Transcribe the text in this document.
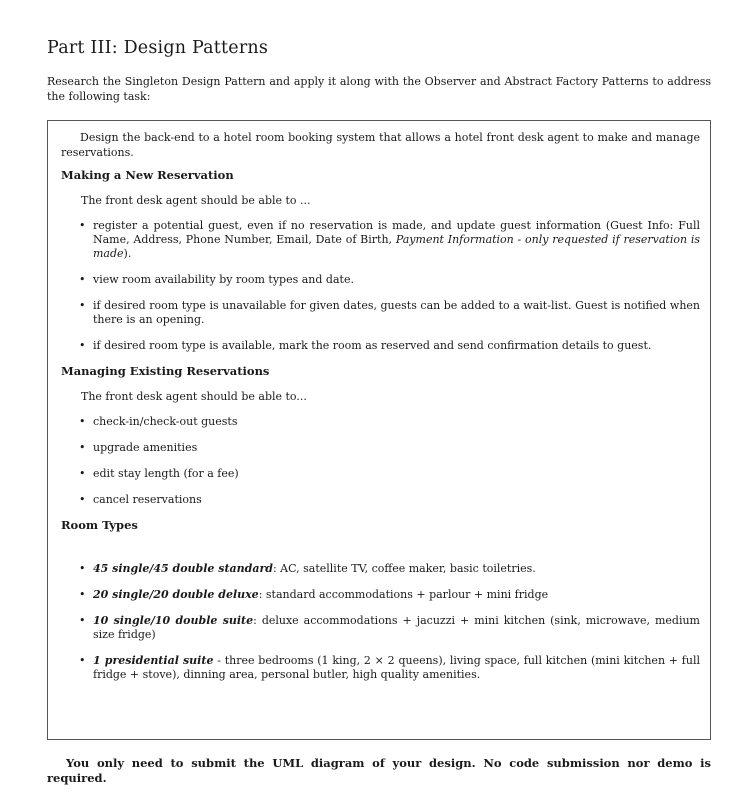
Part III: Design Patterns

Research the Singleton Design Pattern and apply it along with the Observer and Abstract Factory Patterns to address the following task:

Design the back-end to a hotel room booking system that allows a hotel front desk agent to make and manage reservations.

Making a New Reservation

The front desk agent should be able to ...

• register a potential guest, even if no reservation is made, and update guest information (Guest Info: Full Name, Address, Phone Number, Email, Date of Birth, Payment Information - only requested if reservation is made).
• view room availability by room types and date.
• if desired room type is unavailable for given dates, guests can be added to a wait-list. Guest is notified when there is an opening.
• if desired room type is available, mark the room as reserved and send confirmation details to guest.

Managing Existing Reservations

The front desk agent should be able to...

• check-in/check-out guests
• upgrade amenities
• edit stay length (for a fee)
• cancel reservations

Room Types

• 45 single/45 double standard: AC, satellite TV, coffee maker, basic toiletries.
• 20 single/20 double deluxe: standard accommodations + parlour + mini fridge
• 10 single/10 double suite: deluxe accommodations + jacuzzi + mini kitchen (sink, microwave, medium size fridge)
• 1 presidential suite - three bedrooms (1 king, 2 × 2 queens), living space, full kitchen (mini kitchen + full fridge + stove), dinning area, personal butler, high quality amenities.

You only need to submit the UML diagram of your design. No code submission nor demo is required.
